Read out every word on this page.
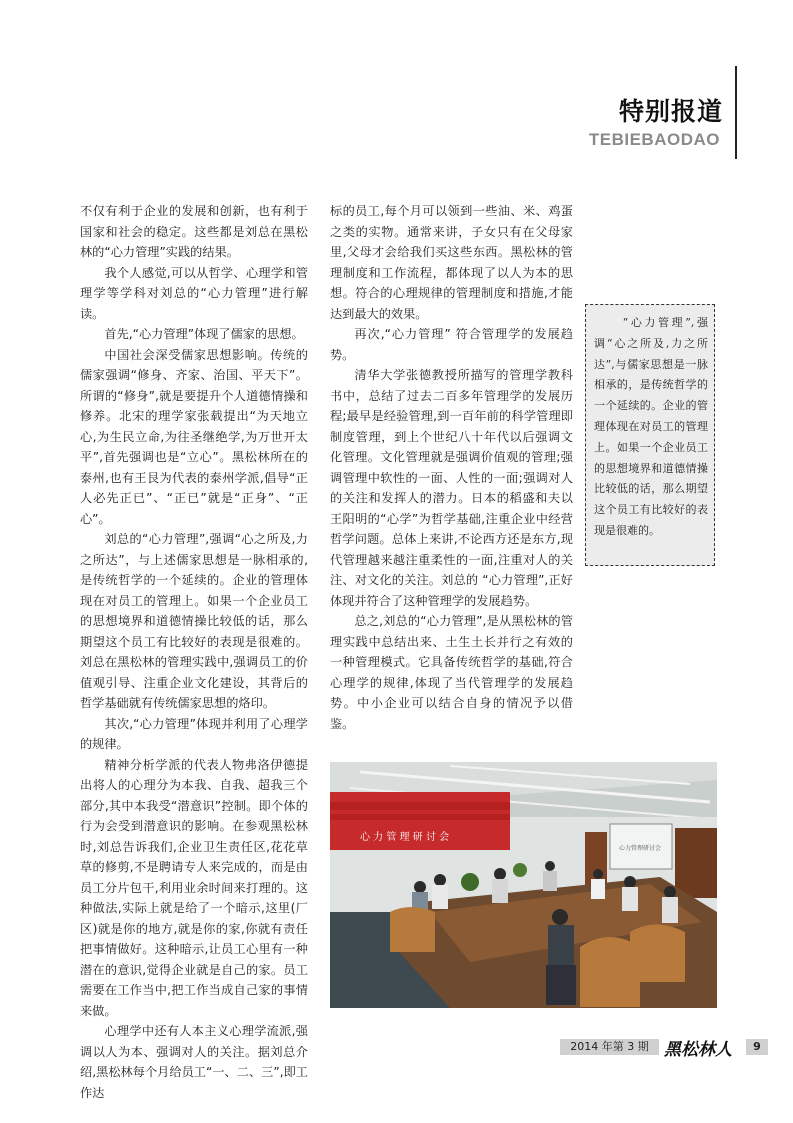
特别报道
TEBIEBAODAO

不仅有利于企业的发展和创新，也有利于国家和社会的稳定。这些都是刘总在黑松林的“心力管理”实践的结果。

我个人感觉,可以从哲学、心理学和管理学等学科对刘总的“心力管理”进行解读。

首先,“心力管理”体现了儒家的思想。

中国社会深受儒家思想影响。传统的儒家强调“修身、齐家、治国、平天下”。所谓的“修身”,就是要提升个人道德情操和修养。北宋的理学家张载提出“为天地立心,为生民立命,为往圣继绝学,为万世开太平”,首先强调也是“立心”。黑松林所在的泰州,也有王艮为代表的泰州学派,倡导“正人必先正已”、“正已”就是“正身”、“正心”。

刘总的“心力管理”,强调“心之所及,力之所达”，与上述儒家思想是一脉相承的,是传统哲学的一个延续的。企业的管理体现在对员工的管理上。如果一个企业员工的思想境界和道德情操比较低的话，那么期望这个员工有比较好的表现是很难的。刘总在黑松林的管理实践中,强调员工的价值观引导、注重企业文化建设，其背后的哲学基础就有传统儒家思想的烙印。

其次,“心力管理”体现并利用了心理学的规律。

精神分析学派的代表人物弗洛伊德提出将人的心理分为本我、自我、超我三个部分,其中本我受“潜意识”控制。即个体的行为会受到潜意识的影响。在参观黑松林时,刘总告诉我们,企业卫生责任区,花花草草的修剪,不是聘请专人来完成的，而是由员工分片包干,利用业余时间来打理的。这种做法,实际上就是给了一个暗示,这里(厂区)就是你的地方,就是你的家,你就有责任把事情做好。这种暗示,让员工心里有一种潜在的意识,觉得企业就是自己的家。员工需要在工作当中,把工作当成自己家的事情来做。

心理学中还有人本主义心理学流派,强调以人为本、强调对人的关注。据刘总介绍,黑松林每个月给员工“一、二、三”,即工作达

标的员工,每个月可以领到一些油、米、鸡蛋之类的实物。通常来讲，子女只有在父母家里,父母才会给我们买这些东西。黑松林的管理制度和工作流程，都体现了以人为本的思想。符合的心理规律的管理制度和措施,才能达到最大的效果。

再次,“心力管理” 符合管理学的发展趋势。

清华大学张德教授所描写的管理学教科书中，总结了过去二百多年管理学的发展历程;最早是经验管理,到一百年前的科学管理即制度管理，到上个世纪八十年代以后强调文化管理。文化管理就是强调价值观的管理;强调管理中软性的一面、人性的一面;强调对人的关注和发挥人的潜力。日本的稻盛和夫以王阳明的“心学”为哲学基础,注重企业中经营哲学问题。总体上来讲,不论西方还是东方,现代管理越来越注重柔性的一面,注重对人的关注、对文化的关注。刘总的 “心力管理”,正好体现并符合了这种管理学的发展趋势。

总之,刘总的“心力管理”,是从黑松林的管理实践中总结出来、土生土长并行之有效的一种管理模式。它具备传统哲学的基础,符合心理学的规律,体现了当代管理学的发展趋势。中小企业可以结合自身的情况予以借鉴。

“心力管理”,强调“心之所及,力之所达”,与儒家思想是一脉相承的，是传统哲学的一个延续的。企业的管理体现在对员工的管理上。如果一个企业员工的思想境界和道德情操比较低的话，那么期望这个员工有比较好的表现是很难的。
心 力 管 理 研 讨 会
心力管理研讨会
2014 年第 3 期 黑松林人	9
